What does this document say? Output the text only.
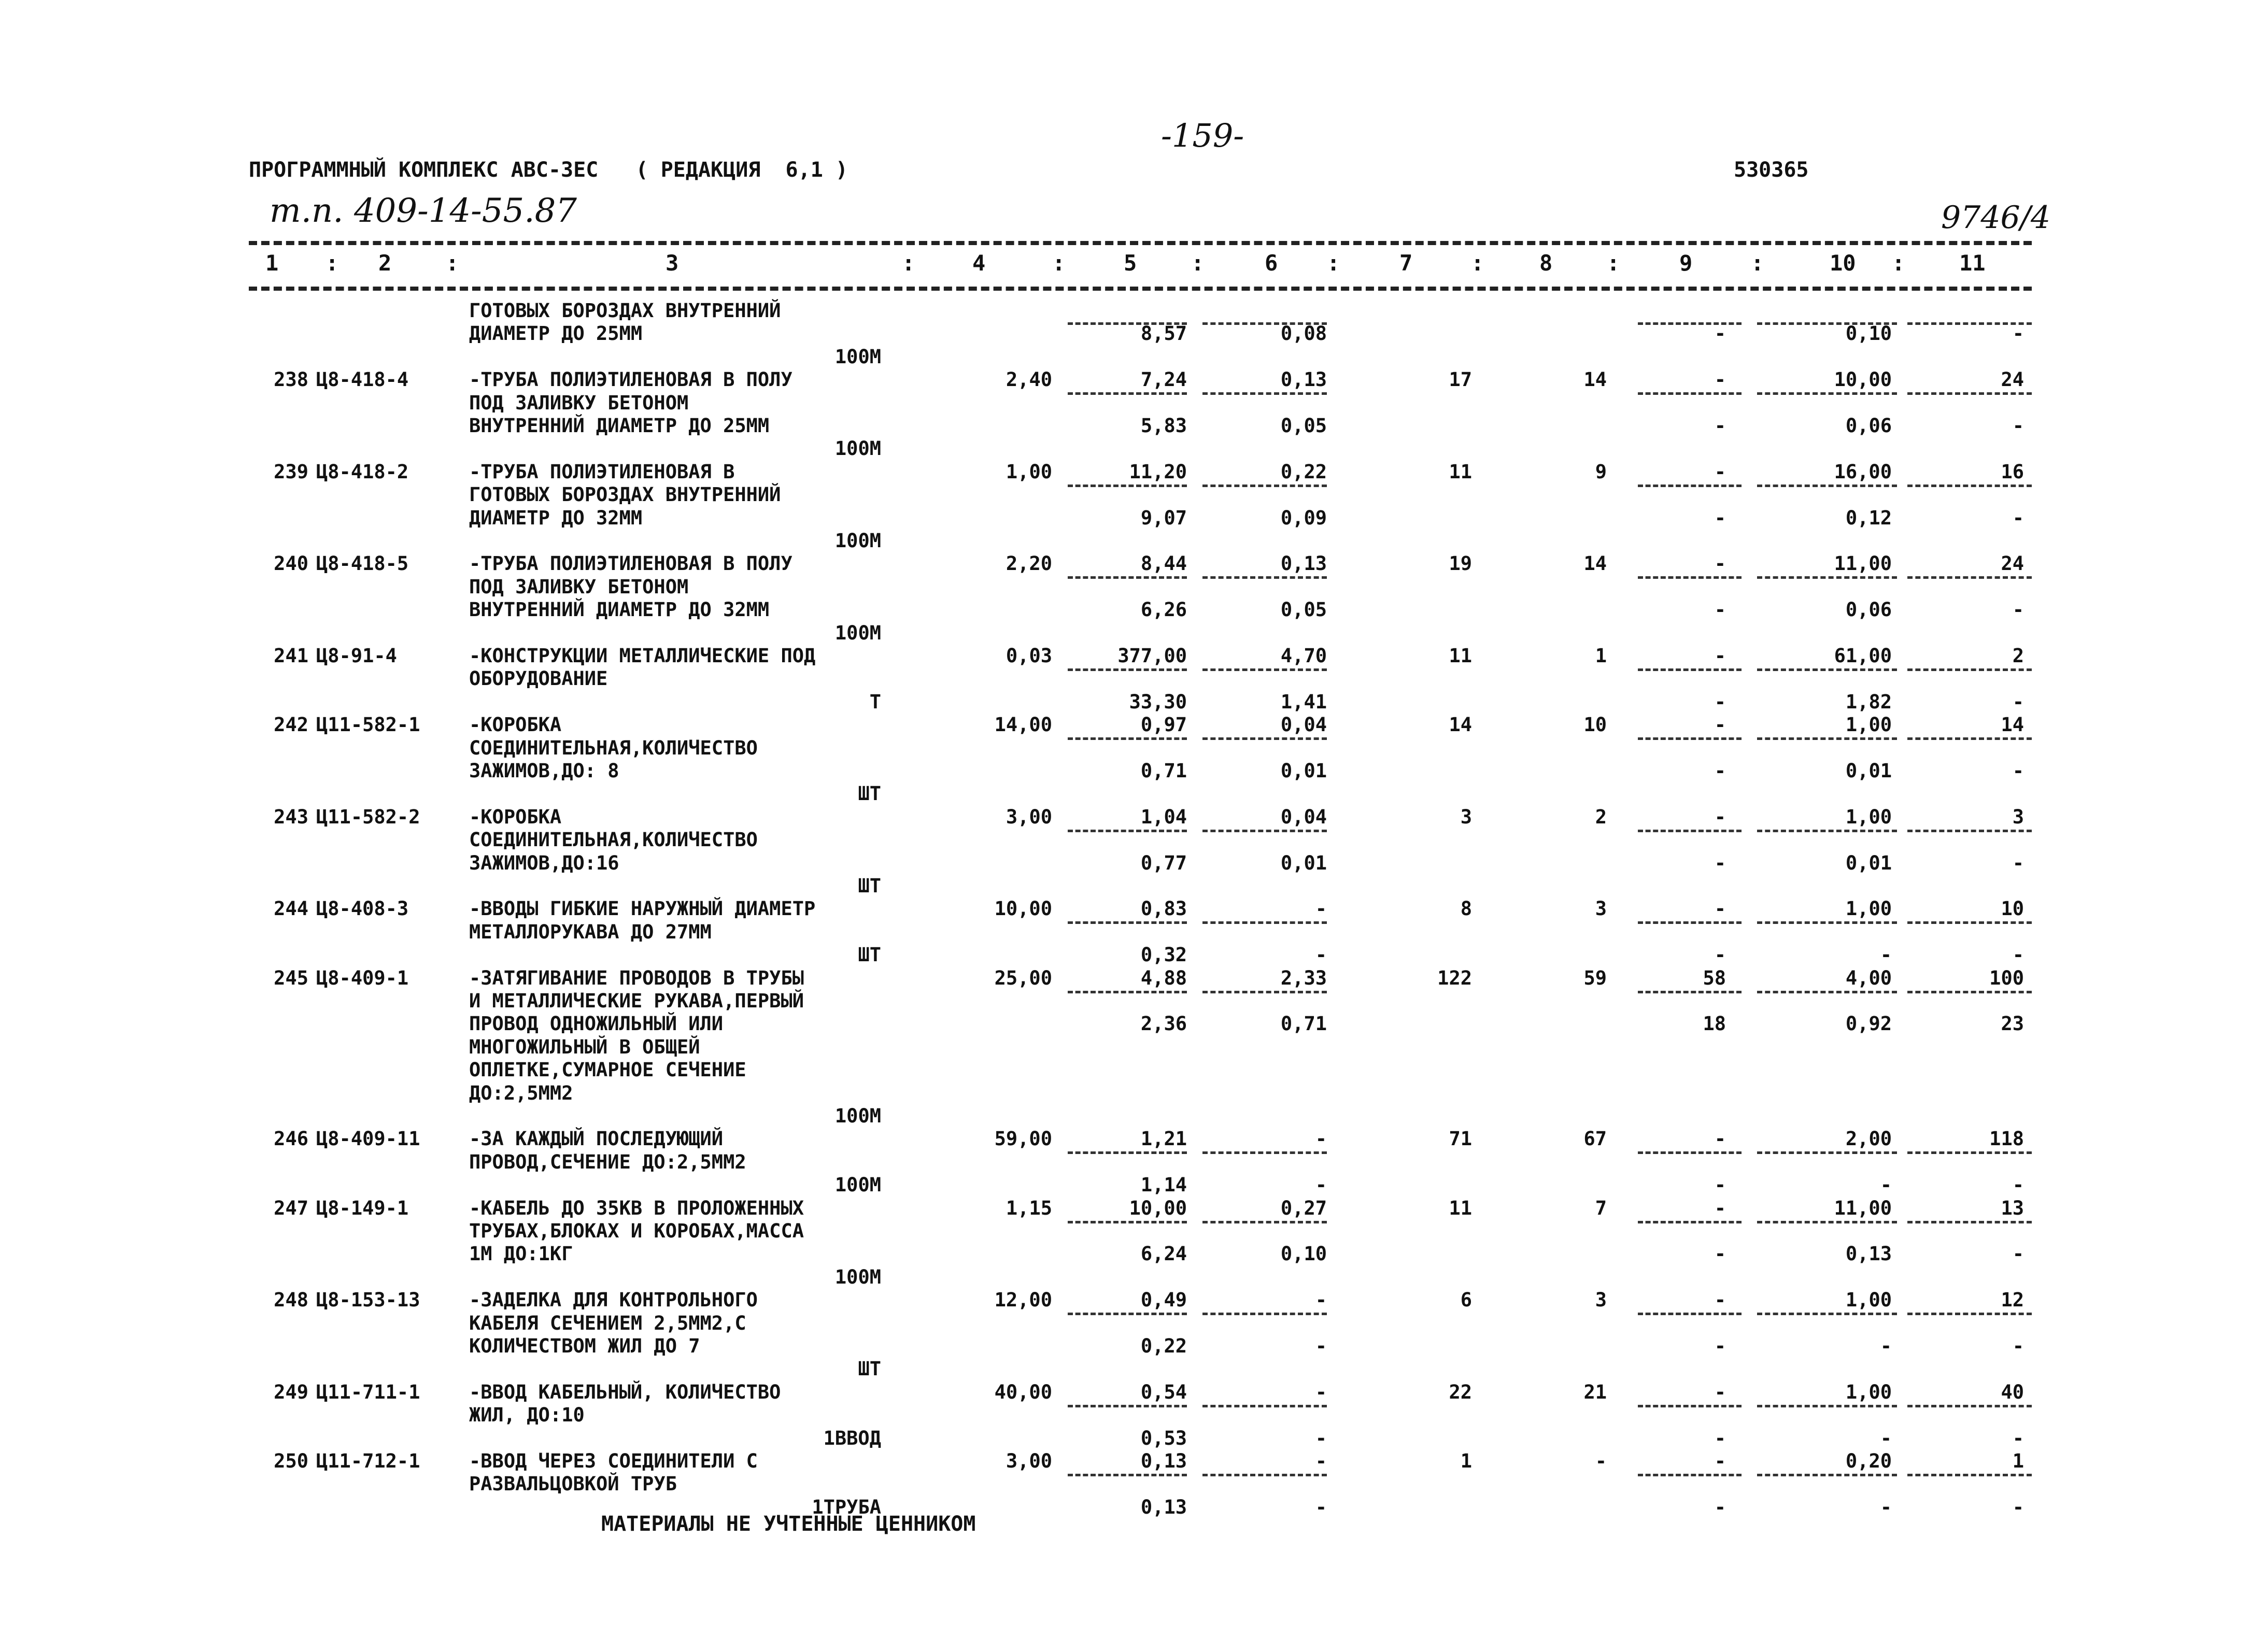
-159-
ПРОГРАММНЫЙ КОМПЛЕКС АВС-3ЕС   ( РЕДАКЦИЯ  6,1 )	530365
т.п. 409-14-55.87	9746/4
1 : 2 :	3	:	4	:	5 :	6 :	7	:	8 :	9	:	10 : 11
ГОТОВЫХ БОРОЗДАХ ВНУТРЕННИЙ
ДИАМЕТР ДО 25ММ	8,57	0,08	-	0,10	-
100М
238 Ц8-418-4	-ТРУБА ПОЛИЭТИЛЕНОВАЯ В ПОЛУ	2,40	7,24	0,13	17	14	-	10,00	24
ПОД ЗАЛИВКУ БЕТОНОМ
ВНУТРЕННИЙ ДИАМЕТР ДО 25ММ	5,83	0,05	-	0,06	-
100М
239 Ц8-418-2	-ТРУБА ПОЛИЭТИЛЕНОВАЯ В	1,00	11,20	0,22	11	9	-	16,00	16
ГОТОВЫХ БОРОЗДАХ ВНУТРЕННИЙ
ДИАМЕТР ДО 32ММ	9,07	0,09	-	0,12	-
100М
240 Ц8-418-5	-ТРУБА ПОЛИЭТИЛЕНОВАЯ В ПОЛУ	2,20	8,44	0,13	19	14	-	11,00	24
ПОД ЗАЛИВКУ БЕТОНОМ
ВНУТРЕННИЙ ДИАМЕТР ДО 32ММ	6,26	0,05	-	0,06	-
100М
241 Ц8-91-4	-КОНСТРУКЦИИ МЕТАЛЛИЧЕСКИЕ ПОД	0,03	377,00	4,70	11	1	-	61,00	2
ОБОРУДОВАНИЕ
33,30	1,41	-	1,82	-
Т
242 Ц11-582-1	-КОРОБКА	14,00	0,97	0,04	14	10	-	1,00	14
СОЕДИНИТЕЛЬНАЯ,КОЛИЧЕСТВО
ЗАЖИМОВ,ДО: 8	0,71	0,01	-	0,01	-
ШТ
243 Ц11-582-2	-КОРОБКА	3,00	1,04	0,04	3	2	-	1,00	3
СОЕДИНИТЕЛЬНАЯ,КОЛИЧЕСТВО
ЗАЖИМОВ,ДО:16	0,77	0,01	-	0,01	-
ШТ
244 Ц8-408-3	-ВВОДЫ ГИБКИЕ НАРУЖНЫЙ ДИАМЕТР	10,00	0,83	-	8	3	-	1,00	10
МЕТАЛЛОРУКАВА ДО 27ММ
0,32	-	-	-	-
ШТ
245 Ц8-409-1	-ЗАТЯГИВАНИЕ ПРОВОДОВ В ТРУБЫ	25,00	4,88	2,33	122	59	58	4,00	100
И МЕТАЛЛИЧЕСКИЕ РУКАВА,ПЕРВЫЙ
ПРОВОД ОДНОЖИЛЬНЫЙ ИЛИ	2,36	0,71	18	0,92	23
МНОГОЖИЛЬНЫЙ В ОБЩЕЙ
ОПЛЕТКЕ,СУМАРНОЕ СЕЧЕНИЕ
ДО:2,5ММ2
100М
246 Ц8-409-11	-ЗА КАЖДЫЙ ПОСЛЕДУЮЩИЙ	59,00	1,21	-	71	67	-	2,00	118
ПРОВОД,СЕЧЕНИЕ ДО:2,5ММ2
1,14	-	-	-	-
100М
247 Ц8-149-1	-КАБЕЛЬ ДО 35КВ В ПРОЛОЖЕННЫХ	1,15	10,00	0,27	11	7	-	11,00	13
ТРУБАХ,БЛОКАХ И КОРОБАХ,МАССА
1М ДО:1КГ	6,24	0,10	-	0,13	-
100М
248 Ц8-153-13	-ЗАДЕЛКА ДЛЯ КОНТРОЛЬНОГО	12,00	0,49	-	6	3	-	1,00	12
КАБЕЛЯ СЕЧЕНИЕМ 2,5ММ2,С
КОЛИЧЕСТВОМ ЖИЛ ДО 7	0,22	-	-	-	-
ШТ
249 Ц11-711-1	-ВВОД КАБЕЛЬНЫЙ, КОЛИЧЕСТВО	40,00	0,54	-	22	21	-	1,00	40
ЖИЛ, ДО:10
0,53	-	-	-	-
1ВВОД
250 Ц11-712-1	-ВВОД ЧЕРЕЗ СОЕДИНИТЕЛИ С	3,00	0,13	-	1	-	-	0,20	1
РАЗВАЛЬЦОВКОЙ ТРУБ
0,13	-	-	-	-
1ТРУБА
МАТЕРИАЛЫ НЕ УЧТЕННЫЕ ЦЕННИКОМ
